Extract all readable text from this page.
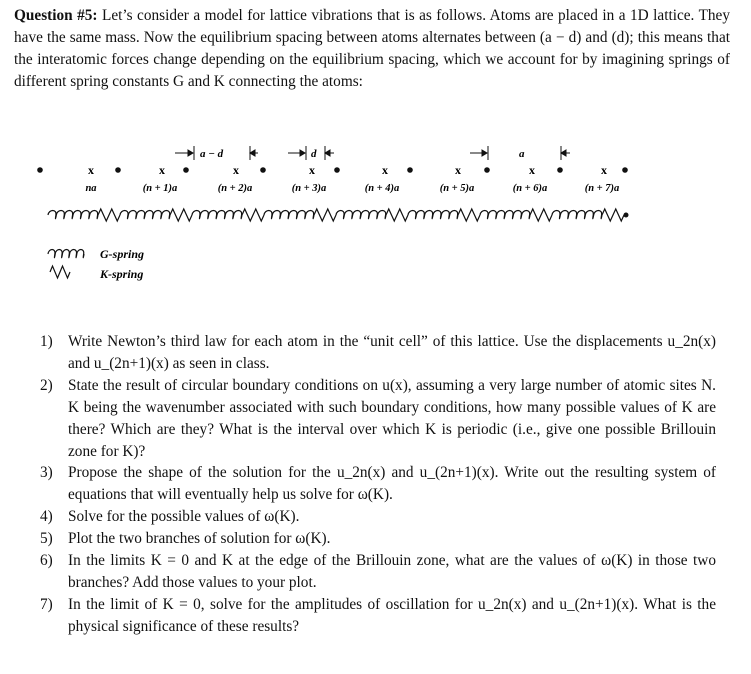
Question #5: Let’s consider a model for lattice vibrations that is as follows. Atoms are placed in a 1D lattice. They have the same mass. Now the equilibrium spacing between atoms alternates between (a − d) and (d); this means that the interatomic forces change depending on the equilibrium spacing, which we account for by imagining springs of different spring constants G and K connecting the atoms:
a − d	d	a
x	x	x	x	x	x	x	x
na	(n + 1)a	(n + 2)a	(n + 3)a	(n + 4)a	(n + 5)a	(n + 6)a	(n + 7)a
G-spring
K-spring
1) Write Newton’s third law for each atom in the “unit cell” of this lattice. Use the displacements u_2n(x) and u_(2n+1)(x) as seen in class.
2) State the result of circular boundary conditions on u(x), assuming a very large number of atomic sites N. K being the wavenumber associated with such boundary conditions, how many possible values of K are there? Which are they? What is the interval over which K is periodic (i.e., give one possible Brillouin zone for K)?
3) Propose the shape of the solution for the u_2n(x) and u_(2n+1)(x). Write out the resulting system of equations that will eventually help us solve for ω(K).
4) Solve for the possible values of ω(K).
5) Plot the two branches of solution for ω(K).
6) In the limits K = 0 and K at the edge of the Brillouin zone, what are the values of ω(K) in those two branches? Add those values to your plot.
7) In the limit of K = 0, solve for the amplitudes of oscillation for u_2n(x) and u_(2n+1)(x). What is the physical significance of these results?
